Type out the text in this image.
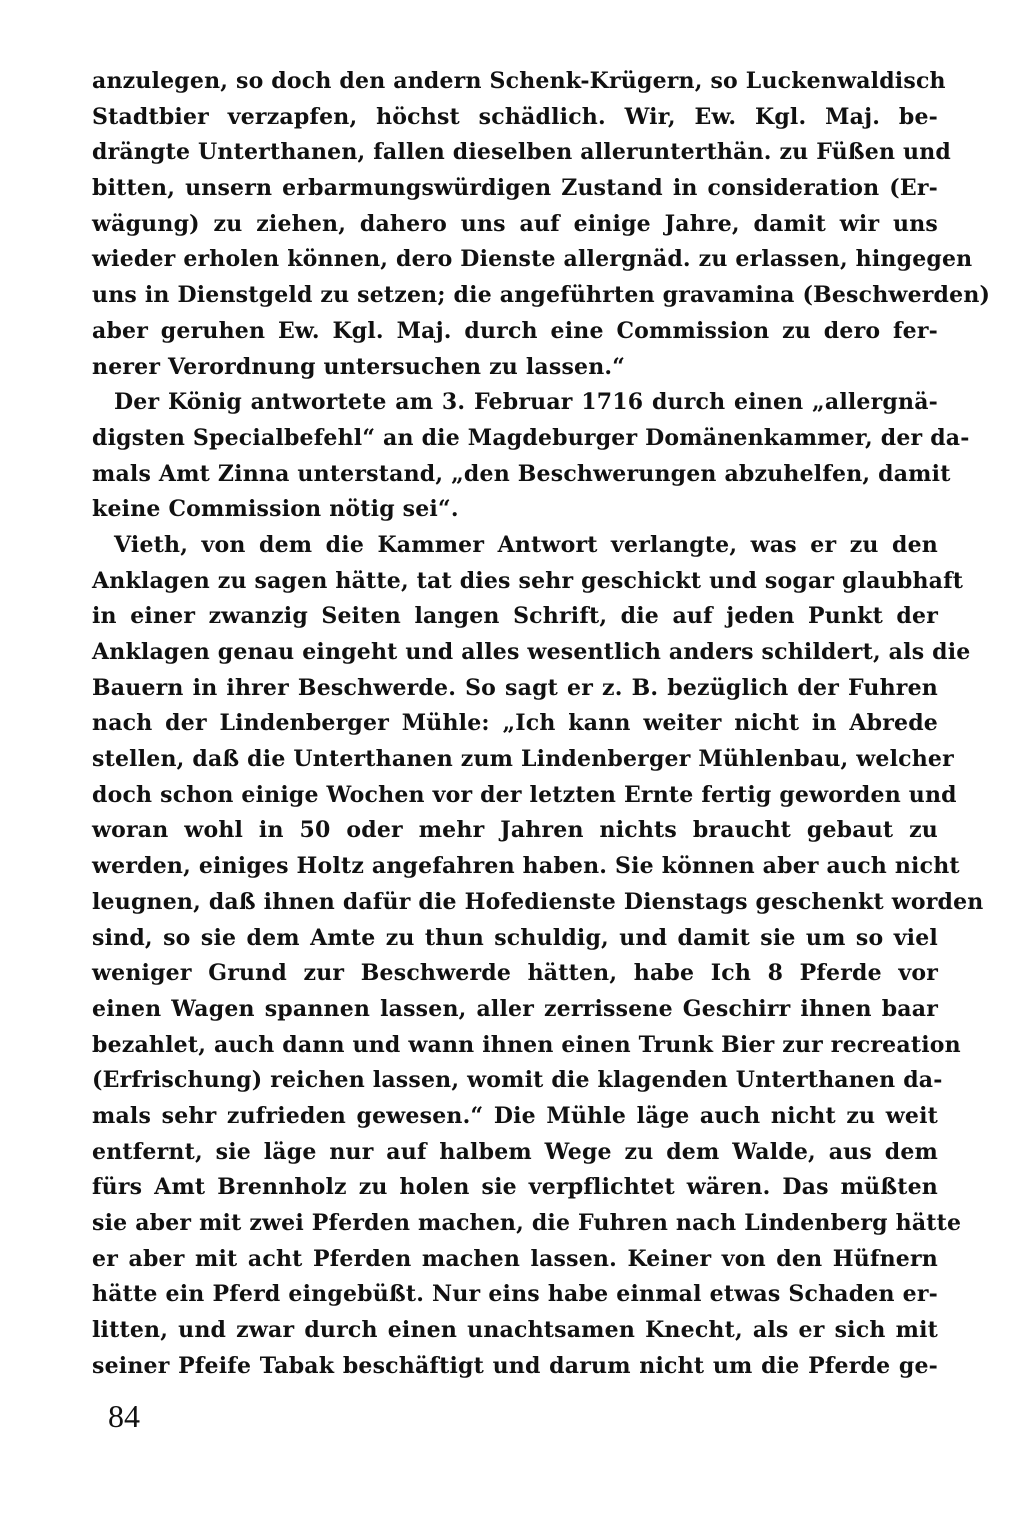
anzulegen, so doch den andern Schenk-Krügern, so Luckenwaldisch
Stadtbier verzapfen, höchst schädlich. Wir, Ew. Kgl. Maj. be-
drängte Unterthanen, fallen dieselben allerunterthän. zu Füßen und
bitten, unsern erbarmungswürdigen Zustand in consideration (Er-
wägung) zu ziehen, dahero uns auf einige Jahre, damit wir uns
wieder erholen können, dero Dienste allergnäd. zu erlassen, hingegen
uns in Dienstgeld zu setzen; die angeführten gravamina (Beschwerden)
aber geruhen Ew. Kgl. Maj. durch eine Commission zu dero fer-
nerer Verordnung untersuchen zu lassen.“
Der König antwortete am 3. Februar 1716 durch einen „allergnä-
digsten Specialbefehl“ an die Magdeburger Domänenkammer, der da-
mals Amt Zinna unterstand, „den Beschwerungen abzuhelfen, damit
keine Commission nötig sei“.
Vieth, von dem die Kammer Antwort verlangte, was er zu den
Anklagen zu sagen hätte, tat dies sehr geschickt und sogar glaubhaft
in einer zwanzig Seiten langen Schrift, die auf jeden Punkt der
Anklagen genau eingeht und alles wesentlich anders schildert, als die
Bauern in ihrer Beschwerde. So sagt er z. B. bezüglich der Fuhren
nach der Lindenberger Mühle: „Ich kann weiter nicht in Abrede
stellen, daß die Unterthanen zum Lindenberger Mühlenbau, welcher
doch schon einige Wochen vor der letzten Ernte fertig geworden und
woran wohl in 50 oder mehr Jahren nichts braucht gebaut zu
werden, einiges Holtz angefahren haben. Sie können aber auch nicht
leugnen, daß ihnen dafür die Hofedienste Dienstags geschenkt worden
sind, so sie dem Amte zu thun schuldig, und damit sie um so viel
weniger Grund zur Beschwerde hätten, habe Ich 8 Pferde vor
einen Wagen spannen lassen, aller zerrissene Geschirr ihnen baar
bezahlet, auch dann und wann ihnen einen Trunk Bier zur recreation
(Erfrischung) reichen lassen, womit die klagenden Unterthanen da-
mals sehr zufrieden gewesen.“ Die Mühle läge auch nicht zu weit
entfernt, sie läge nur auf halbem Wege zu dem Walde, aus dem
fürs Amt Brennholz zu holen sie verpflichtet wären. Das müßten
sie aber mit zwei Pferden machen, die Fuhren nach Lindenberg hätte
er aber mit acht Pferden machen lassen. Keiner von den Hüfnern
hätte ein Pferd eingebüßt. Nur eins habe einmal etwas Schaden er-
litten, und zwar durch einen unachtsamen Knecht, als er sich mit
seiner Pfeife Tabak beschäftigt und darum nicht um die Pferde ge-
84
